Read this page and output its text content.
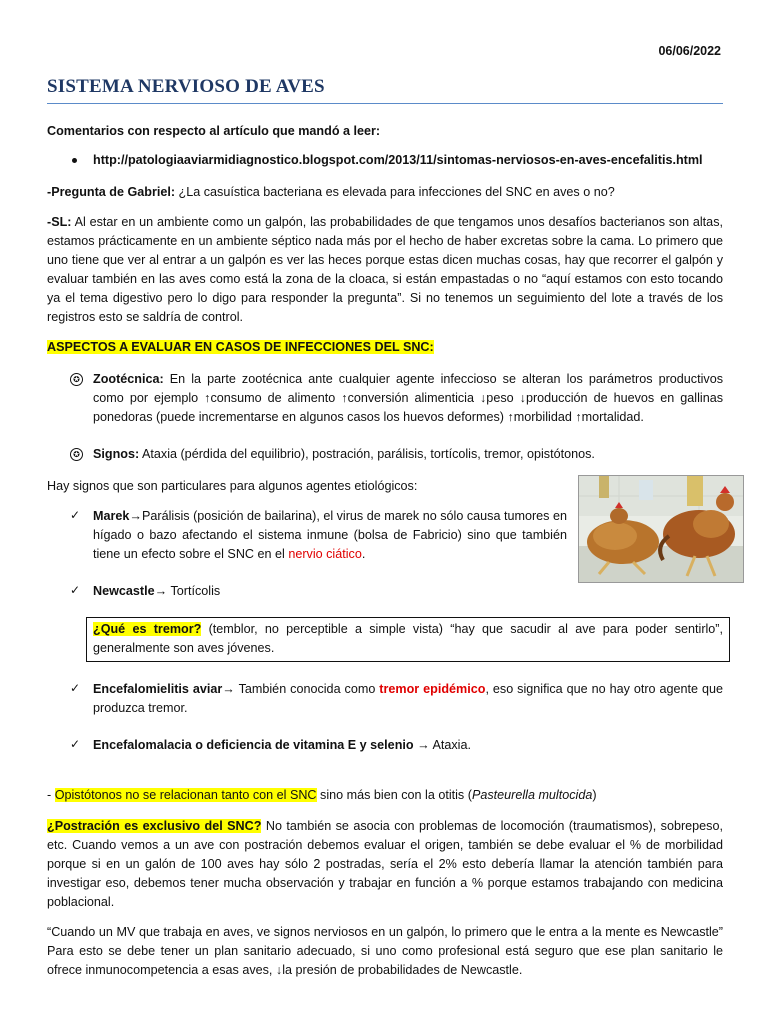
06/06/2022
SISTEMA NERVIOSO DE AVES

Comentarios con respecto al artículo que mandó a leer:

http://patologiaaviarmidiagnostico.blogspot.com/2013/11/sintomas-nerviosos-en-aves-encefalitis.html

-Pregunta de Gabriel: ¿La casuística bacteriana es elevada para infecciones del SNC en aves o no?

-SL: Al estar en un ambiente como un galpón, las probabilidades de que tengamos unos desafíos bacterianos son altas, estamos prácticamente en un ambiente séptico nada más por el hecho de haber excretas sobre la cama. Lo primero que uno tiene que ver al entrar a un galpón es ver las heces porque estas dicen muchas cosas, hay que recorrer el galpón y evaluar también en las aves como está la zona de la cloaca, si están empastadas o no “aquí estamos con esto tocando ya el tema digestivo pero lo digo para responder la pregunta”. Si no tenemos un seguimiento del lote a través de los registros esto se saldría de control.

ASPECTOS A EVALUAR EN CASOS DE INFECCIONES DEL SNC:

✪ Zootécnica: En la parte zootécnica ante cualquier agente infeccioso se alteran los parámetros productivos como por ejemplo ↑consumo de alimento ↑conversión alimenticia ↓peso ↓producción de huevos en gallinas ponedoras (puede incrementarse en algunos casos los huevos deformes) ↑morbilidad ↑mortalidad.

✪ Signos: Ataxia (pérdida del equilibrio), postración, parálisis, tortícolis, tremor, opistótonos.

Hay signos que son particulares para algunos agentes etiológicos:

✓ Marek→Parálisis (posición de bailarina), el virus de marek no sólo causa tumores en hígado o bazo afectando el sistema inmune (bolsa de Fabricio) sino que también tiene un efecto sobre el SNC en el nervio ciático.

✓ Newcastle→ Tortícolis

¿Qué es tremor? (temblor, no perceptible a simple vista) “hay que sacudir al ave para poder sentirlo”, generalmente son aves jóvenes.

✓ Encefalomielitis aviar→ También conocida como tremor epidémico, eso significa que no hay otro agente que produzca tremor.

✓ Encefalomalacia o deficiencia de vitamina E y selenio → Ataxia.

- Opistótonos no se relacionan tanto con el SNC sino más bien con la otitis (Pasteurella multocida)

¿Postración es exclusivo del SNC? No también se asocia con problemas de locomoción (traumatismos), sobrepeso, etc. Cuando vemos a un ave con postración debemos evaluar el origen, también se debe evaluar el % de morbilidad porque si en un galón de 100 aves hay sólo 2 postradas, sería el 2% esto debería llamar la atención también para investigar eso, debemos tener mucha observación y trabajar en función a % porque estamos trabajando con medicina poblacional.

“Cuando un MV que trabaja en aves, ve signos nerviosos en un galpón, lo primero que le entra a la mente es Newcastle” Para esto se debe tener un plan sanitario adecuado, si uno como profesional está seguro que ese plan sanitario le ofrece inmunocompetencia a esas aves, ↓la presión de probabilidades de Newcastle.
